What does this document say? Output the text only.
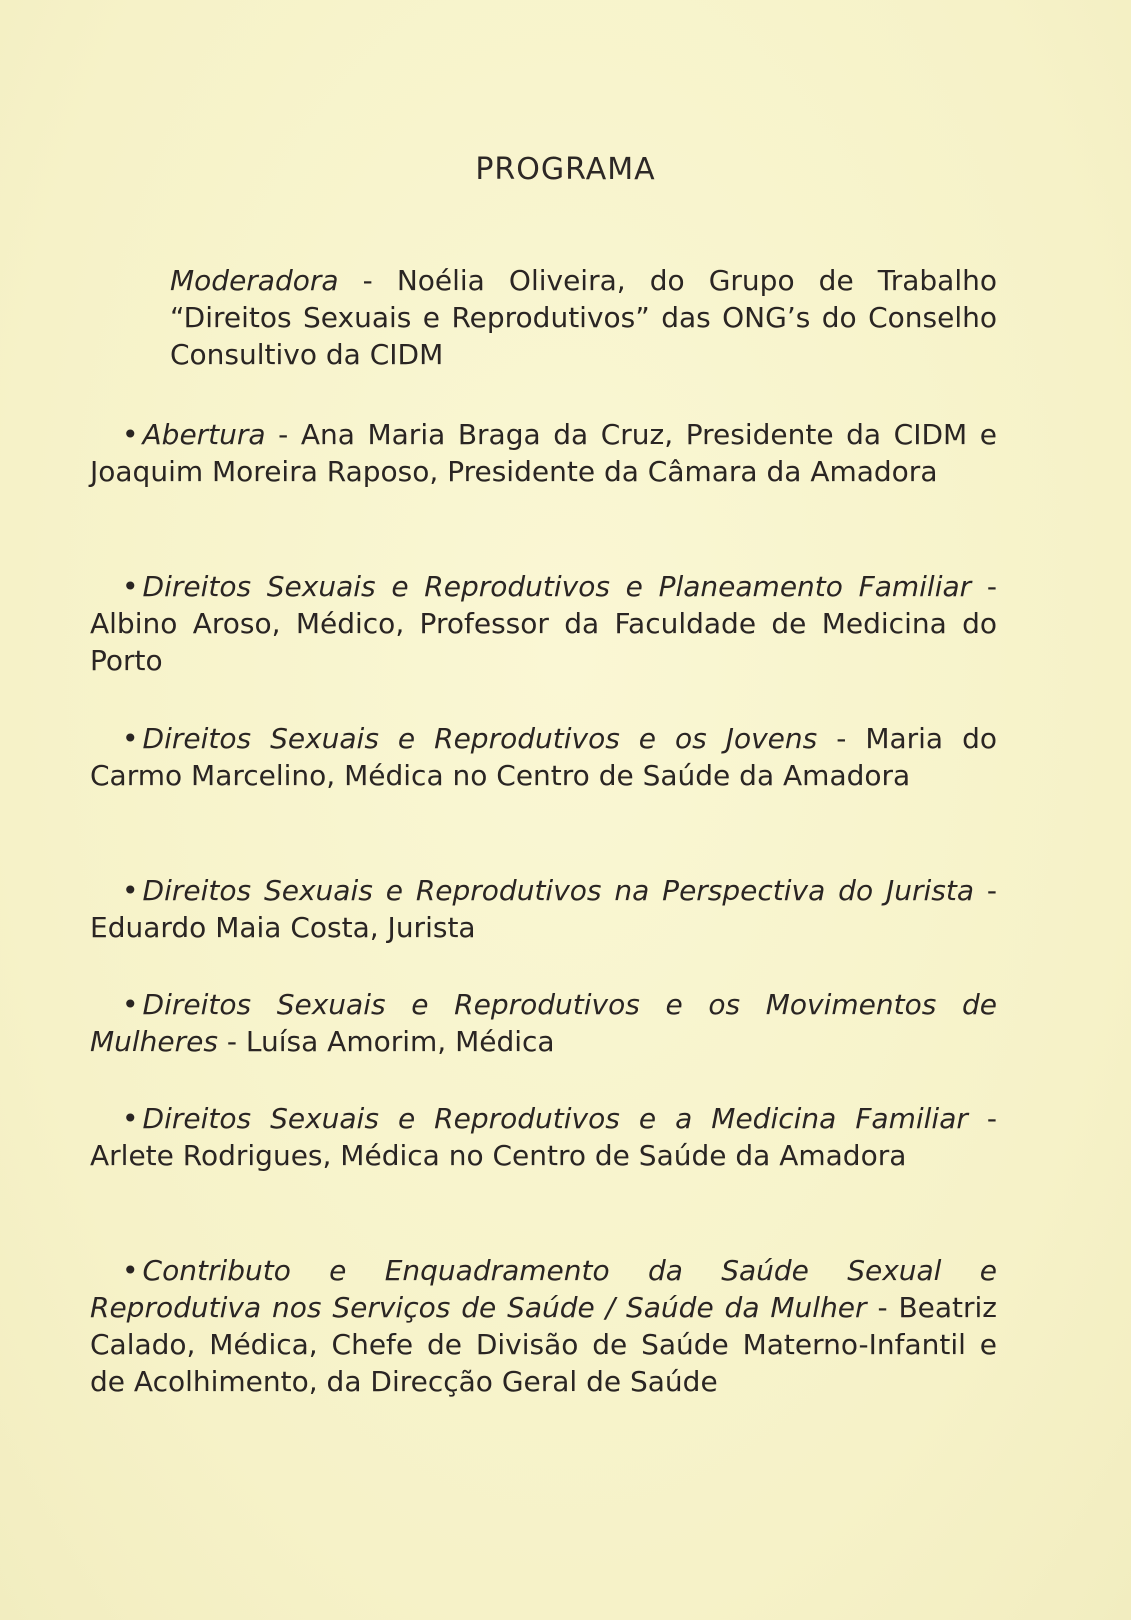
PROGRAMA
Moderadora - Noélia Oliveira, do Grupo de Trabalho “Direitos Sexuais e Reprodutivos” das ONG’s do Conselho Consultivo da CIDM
• Abertura - Ana Maria Braga da Cruz, Presidente da CIDM e Joaquim Moreira Raposo, Presidente da Câmara da Amadora
• Direitos Sexuais e Reprodutivos e Planeamento Familiar - Albino Aroso, Médico, Professor da Faculdade de Medicina do Porto
• Direitos Sexuais e Reprodutivos e os Jovens - Maria do Carmo Marcelino, Médica no Centro de Saúde da Amadora
• Direitos Sexuais e Reprodutivos na Perspectiva do Jurista - Eduardo Maia Costa, Jurista
• Direitos Sexuais e Reprodutivos e os Movimentos de Mulheres - Luísa Amorim, Médica
• Direitos Sexuais e Reprodutivos e a Medicina Familiar - Arlete Rodrigues, Médica no Centro de Saúde da Amadora
• Contributo e Enquadramento da Saúde Sexual e Reprodutiva nos Serviços de Saúde / Saúde da Mulher - Beatriz Calado, Médica, Chefe de Divisão de Saúde Materno-Infantil e de Acolhimento, da Direcção Geral de Saúde
